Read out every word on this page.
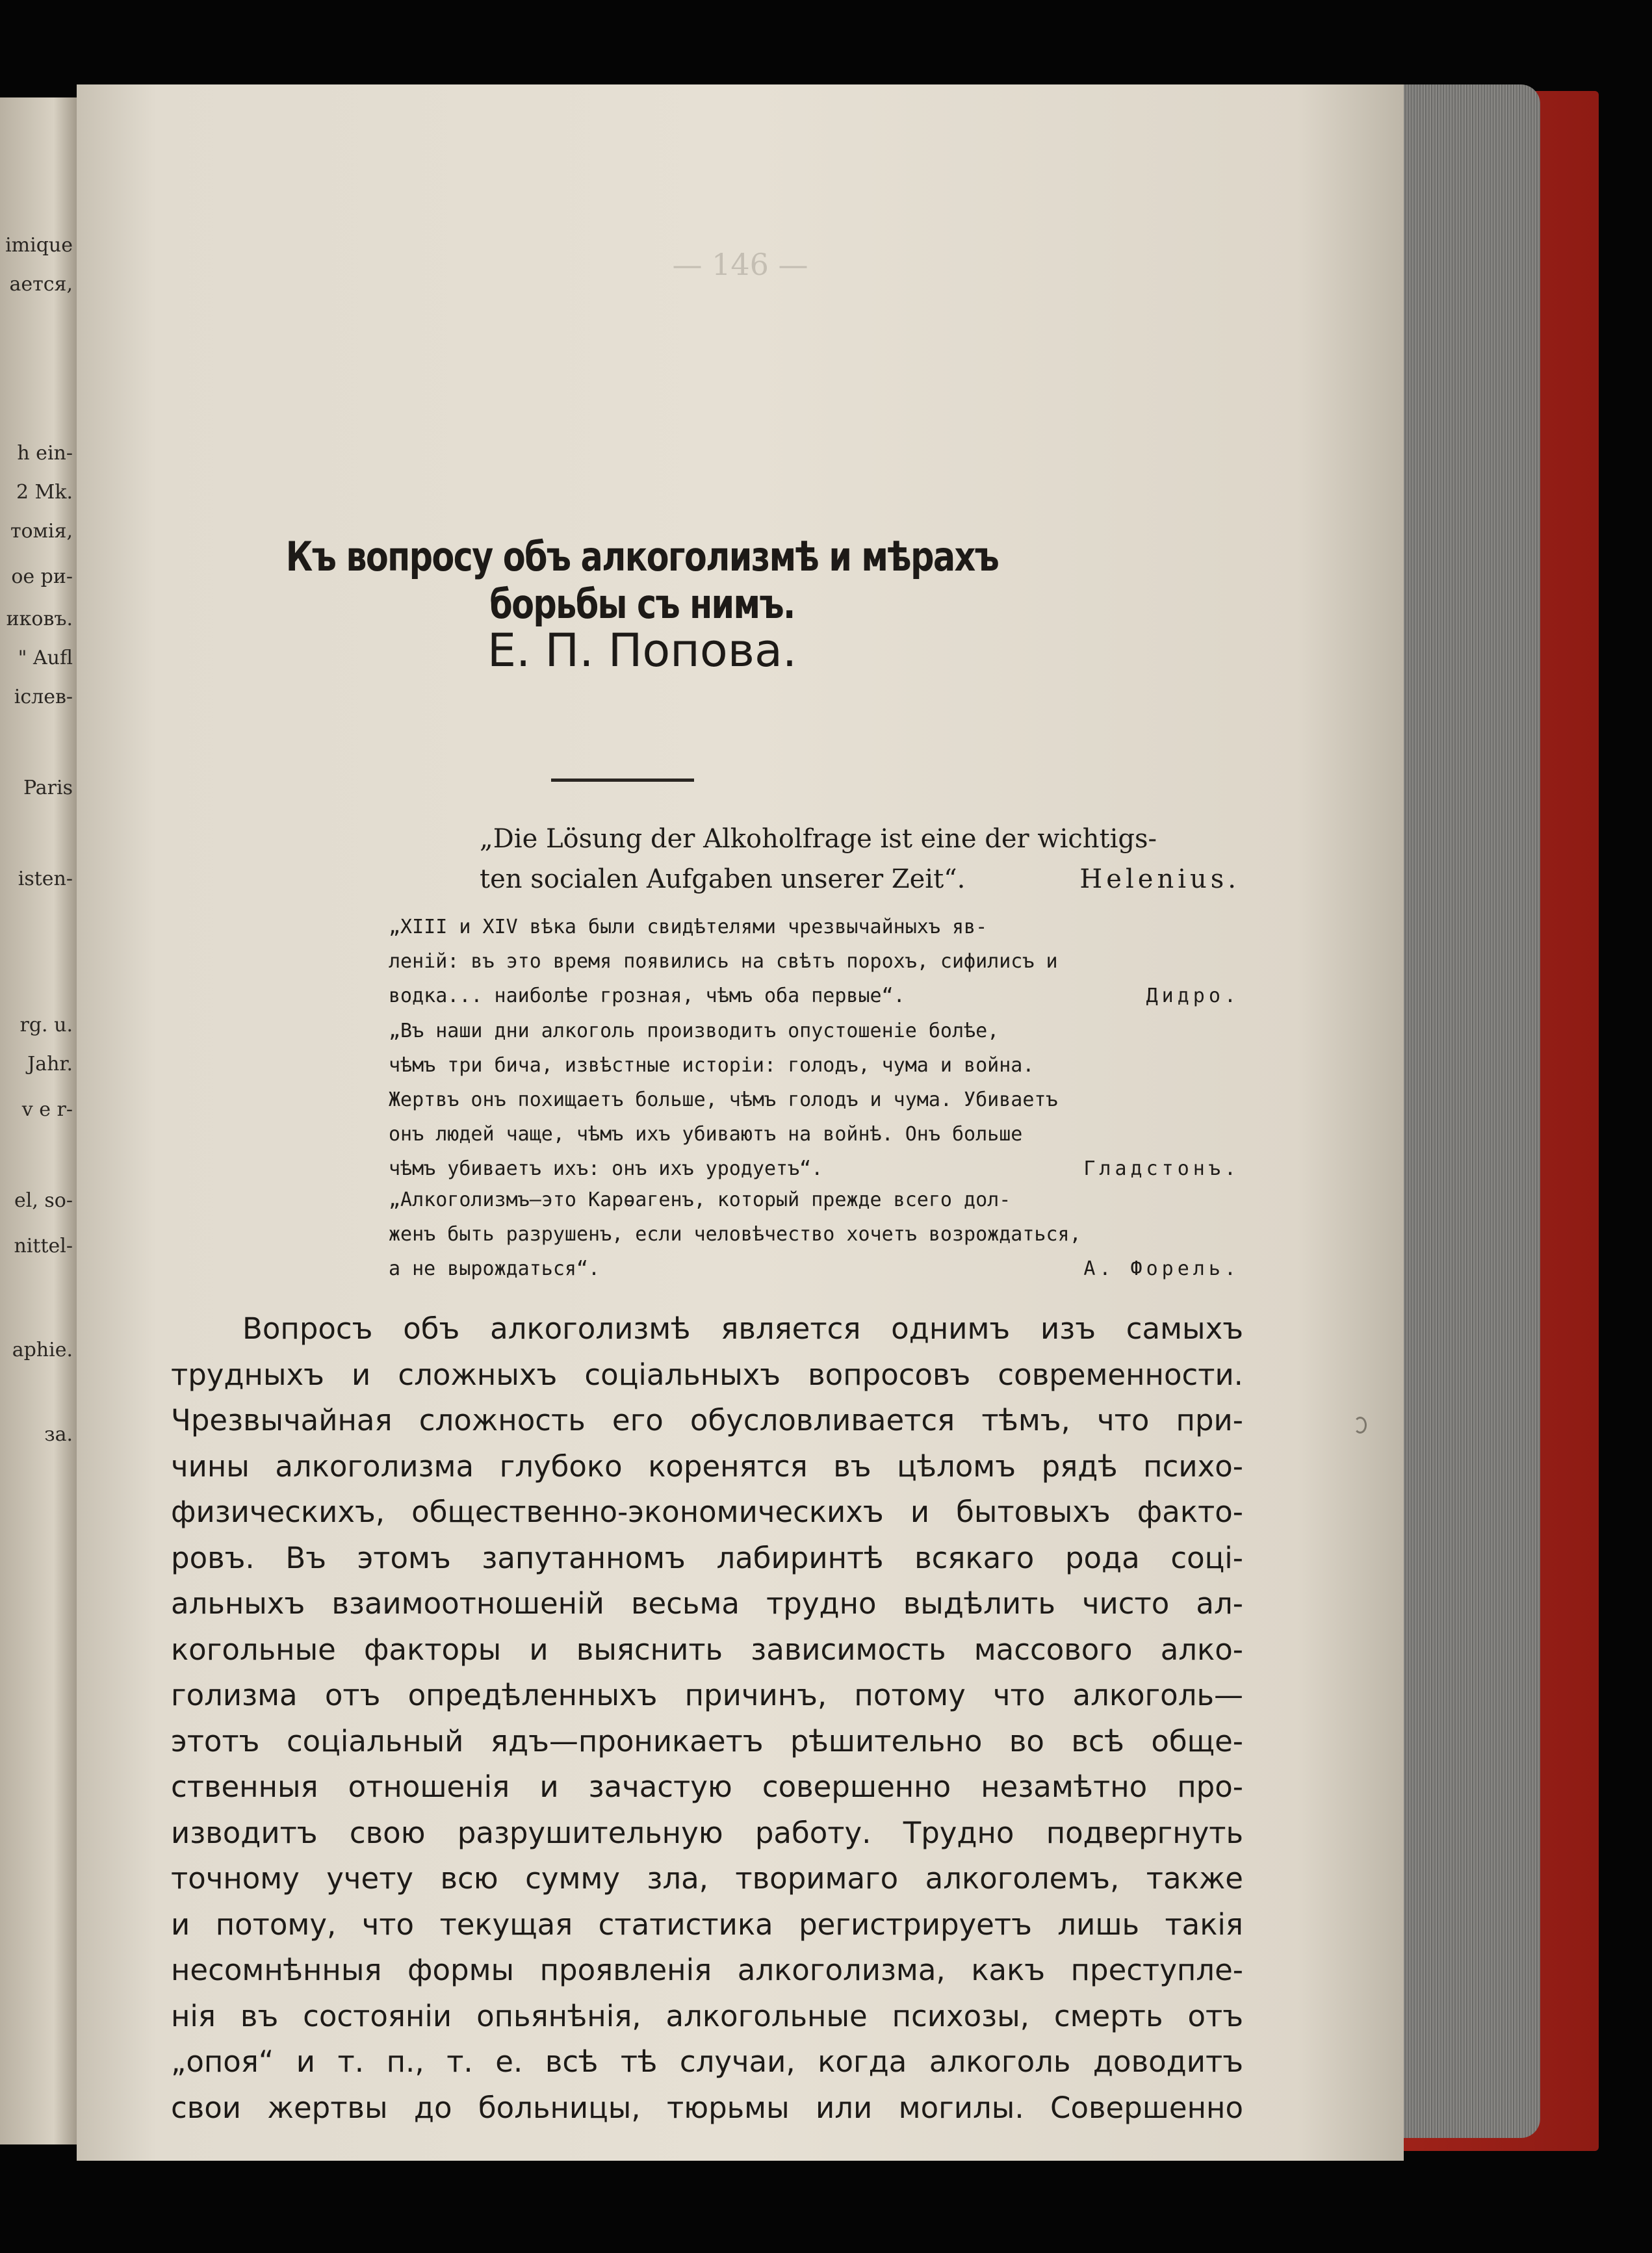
imique
ается,
h ein-
2 Mk.
томія,
ое ри-
иковъ.
" Aufl
іслев-
Paris
isten-
rg. u.
Jahr.
v e r-
el, so-
nittel-
aphie.
за.
— 146 —
Къ вопросу объ алкоголизмѣ и мѣрахъ борьбы съ нимъ.
Е. П. Попова.
„Die Lösung der Alkoholfrage ist eine der wichtigs-
ten socialen Aufgaben unserer Zeit“.	Helenius.
„XIII и XIV вѣка были свидѣтелями чрезвычайныхъ яв-
леній: въ это время появились на свѣтъ порохъ, сифилисъ и
водка... наиболѣе грозная, чѣмъ оба первые“.	Дидро.
„Въ наши дни алкоголь производитъ опустошеніе болѣе,
чѣмъ три бича, извѣстные исторіи: голодъ, чума и война.
Жертвъ онъ похищаетъ больше, чѣмъ голодъ и чума. Убиваетъ
онъ людей чаще, чѣмъ ихъ убиваютъ на войнѣ. Онъ больше
чѣмъ убиваетъ ихъ: онъ ихъ уродуетъ“.	Гладстонъ.
„Алкоголизмъ—это Карѳагенъ, который прежде всего дол-
женъ быть разрушенъ, если человѣчество хочетъ возрождаться,
а не вырождаться“.	А. Форель.
Вопросъ объ алкоголизмѣ является однимъ изъ самыхъ
трудныхъ и сложныхъ соціальныхъ вопросовъ современности.
Чрезвычайная сложность его обусловливается тѣмъ, что при-
чины алкоголизма глубоко коренятся въ цѣломъ рядѣ психо-
физическихъ, общественно-экономическихъ и бытовыхъ факто-
ровъ. Въ этомъ запутанномъ лабиринтѣ всякаго рода соці-
альныхъ взаимоотношеній весьма трудно выдѣлить чисто ал-
когольные факторы и выяснить зависимость массового алко-
голизма отъ опредѣленныхъ причинъ, потому что алкоголь—
этотъ соціальный ядъ—проникаетъ рѣшительно во всѣ обще-
ственныя отношенія и зачастую совершенно незамѣтно про-
изводитъ свою разрушительную работу. Трудно подвергнуть
точному учету всю сумму зла, творимаго алкоголемъ, также
и потому, что текущая статистика регистрируетъ лишь такія
несомнѣнныя формы проявленія алкоголизма, какъ преступле-
нія въ состояніи опьянѣнія, алкогольные психозы, смерть отъ
„опоя“ и т. п., т. е. всѣ тѣ случаи, когда алкоголь доводитъ
свои жертвы до больницы, тюрьмы или могилы. Совершенно
